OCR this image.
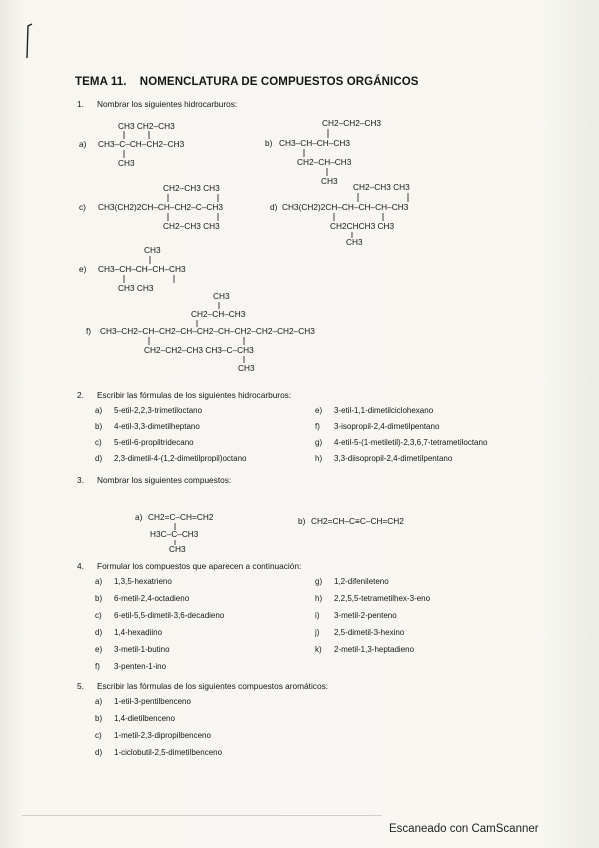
TEMA 11. NOMENCLATURA DE COMPUESTOS ORGÁNICOS
1. Nombrar los siguientes hidrocarburos:
a)
CH3 CH2–CH3
CH3–C–CH–CH2–CH3
CH3
b)
CH2–CH2–CH3
CH3–CH–CH–CH3
CH2–CH–CH3
CH3
c)
CH2–CH3 CH3
CH3(CH2)2CH–CH–CH2–C–CH3
CH2–CH3 CH3
d)
CH2–CH3 CH3
CH3(CH2)2CH–CH–CH–CH–CH3
CH2CHCH3 CH3
CH3
e)
CH3
CH3–CH–CH–CH–CH3
CH3 CH3
f)
CH3
CH2–CH–CH3
CH3–CH2–CH–CH2–CH–CH2–CH–CH2–CH2–CH2–CH3
CH2–CH2–CH3 CH3–C–CH3
CH3
a) CH2=C–CH=CH2
H3C–C–CH3
CH3
b) CH2=CH–C≡C–CH=CH2
2. Escribir las fórmulas de los siguientes hidrocarburos:
a) 5-etil-2,2,3-trimetiloctano
b) 4-etil-3,3-dimetilheptano
c) 5-etil-6-propiltridecano
d) 2,3-dimetil-4-(1,2-dimetilpropil)octano
e) 3-etil-1,1-dimetilciclohexano
f) 3-isopropil-2,4-dimetilpentano
g) 4-etil-5-(1-metiletil)-2,3,6,7-tetrametiloctano
h) 3,3-diisopropil-2,4-dimetilpentano
3. Nombrar los siguientes compuestos:
4. Formular los compuestos que aparecen a continuación:
a) 1,3,5-hexatrieno
b) 6-metil-2,4-octadieno
c) 6-etil-5,5-dimetil-3,6-decadieno
d) 1,4-hexadiino
e) 3-metil-1-butino
f) 3-penten-1-ino
g) 1,2-difenileteno
h) 2,2,5,5-tetrametilhex-3-eno
i) 3-metil-2-penteno
j) 2,5-dimetil-3-hexino
k) 2-metil-1,3-heptadieno
5. Escribir las fórmulas de los siguientes compuestos aromáticos:
a) 1-etil-3-pentilbenceno
b) 1,4-dietilbenceno
c) 1-metil-2,3-dipropilbenceno
d) 1-ciclobutil-2,5-dimetilbenceno
Escaneado con CamScanner
